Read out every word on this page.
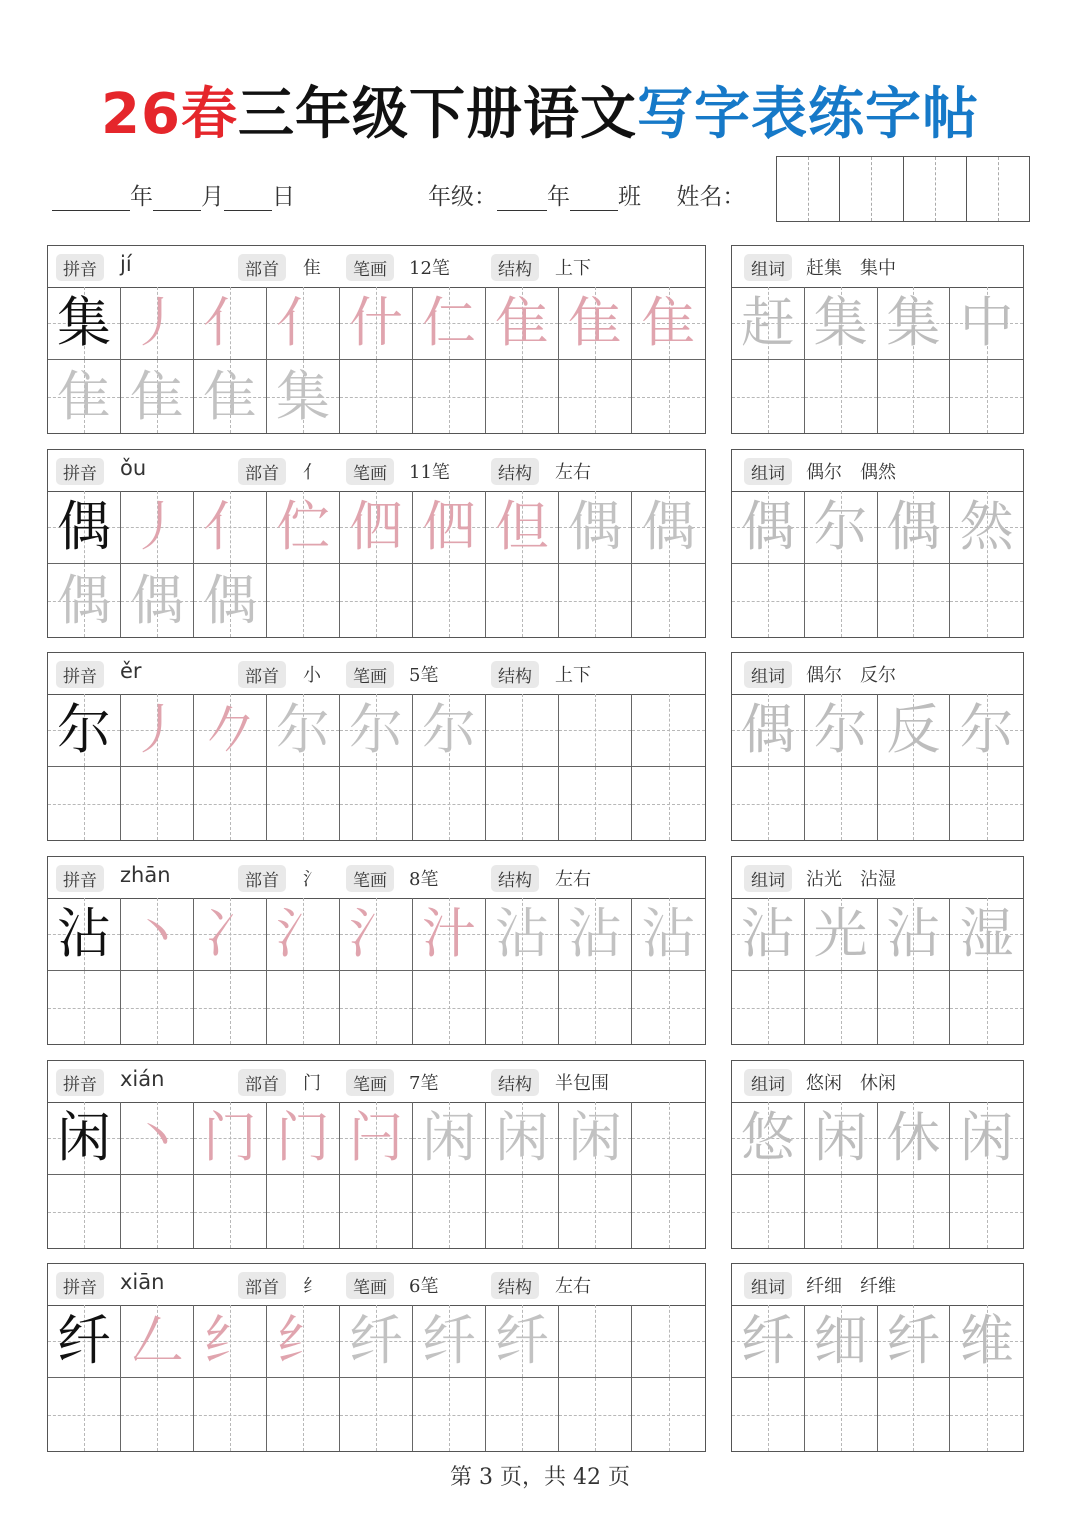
26春三年级下册语文写字表练字帖
年 月 日	年级： 年 班 姓名：
拼音	jí	部首	隹	笔画	12笔	结构	上下
集 丿 亻 亻 什 仁 隹 隹 隹
隹 隹 隹 集
组词	赶集　集中
赶 集 集 中
拼音	ǒu	部首	亻	笔画	11笔	结构	左右
偶 丿 亻 伫 伵 伵 但 偶 偶
偶 偶 偶
组词	偶尔　偶然
偶 尔 偶 然
拼音	ěr	部首	小	笔画	5笔	结构	上下
尔 丿 𠂊 尔 尔 尔
组词	偶尔　反尔
偶 尔 反 尔
拼音	zhān	部首	氵	笔画	8笔	结构	左右
沾 丶 冫 氵 氵 汁 沾 沾 沾
组词	沾光　沾湿
沾 光 沾 湿
拼音	xián	部首	门	笔画	7笔	结构	半包围
闲 丶 门 门 闩 闲 闲 闲
组词	悠闲　休闲
悠 闲 休 闲
拼音	xiān	部首	纟	笔画	6笔	结构	左右
纤 𠃋 纟 纟 纤 纤 纤
组词	纤细　纤维
纤 细 纤 维
第 3 页，共 42 页
